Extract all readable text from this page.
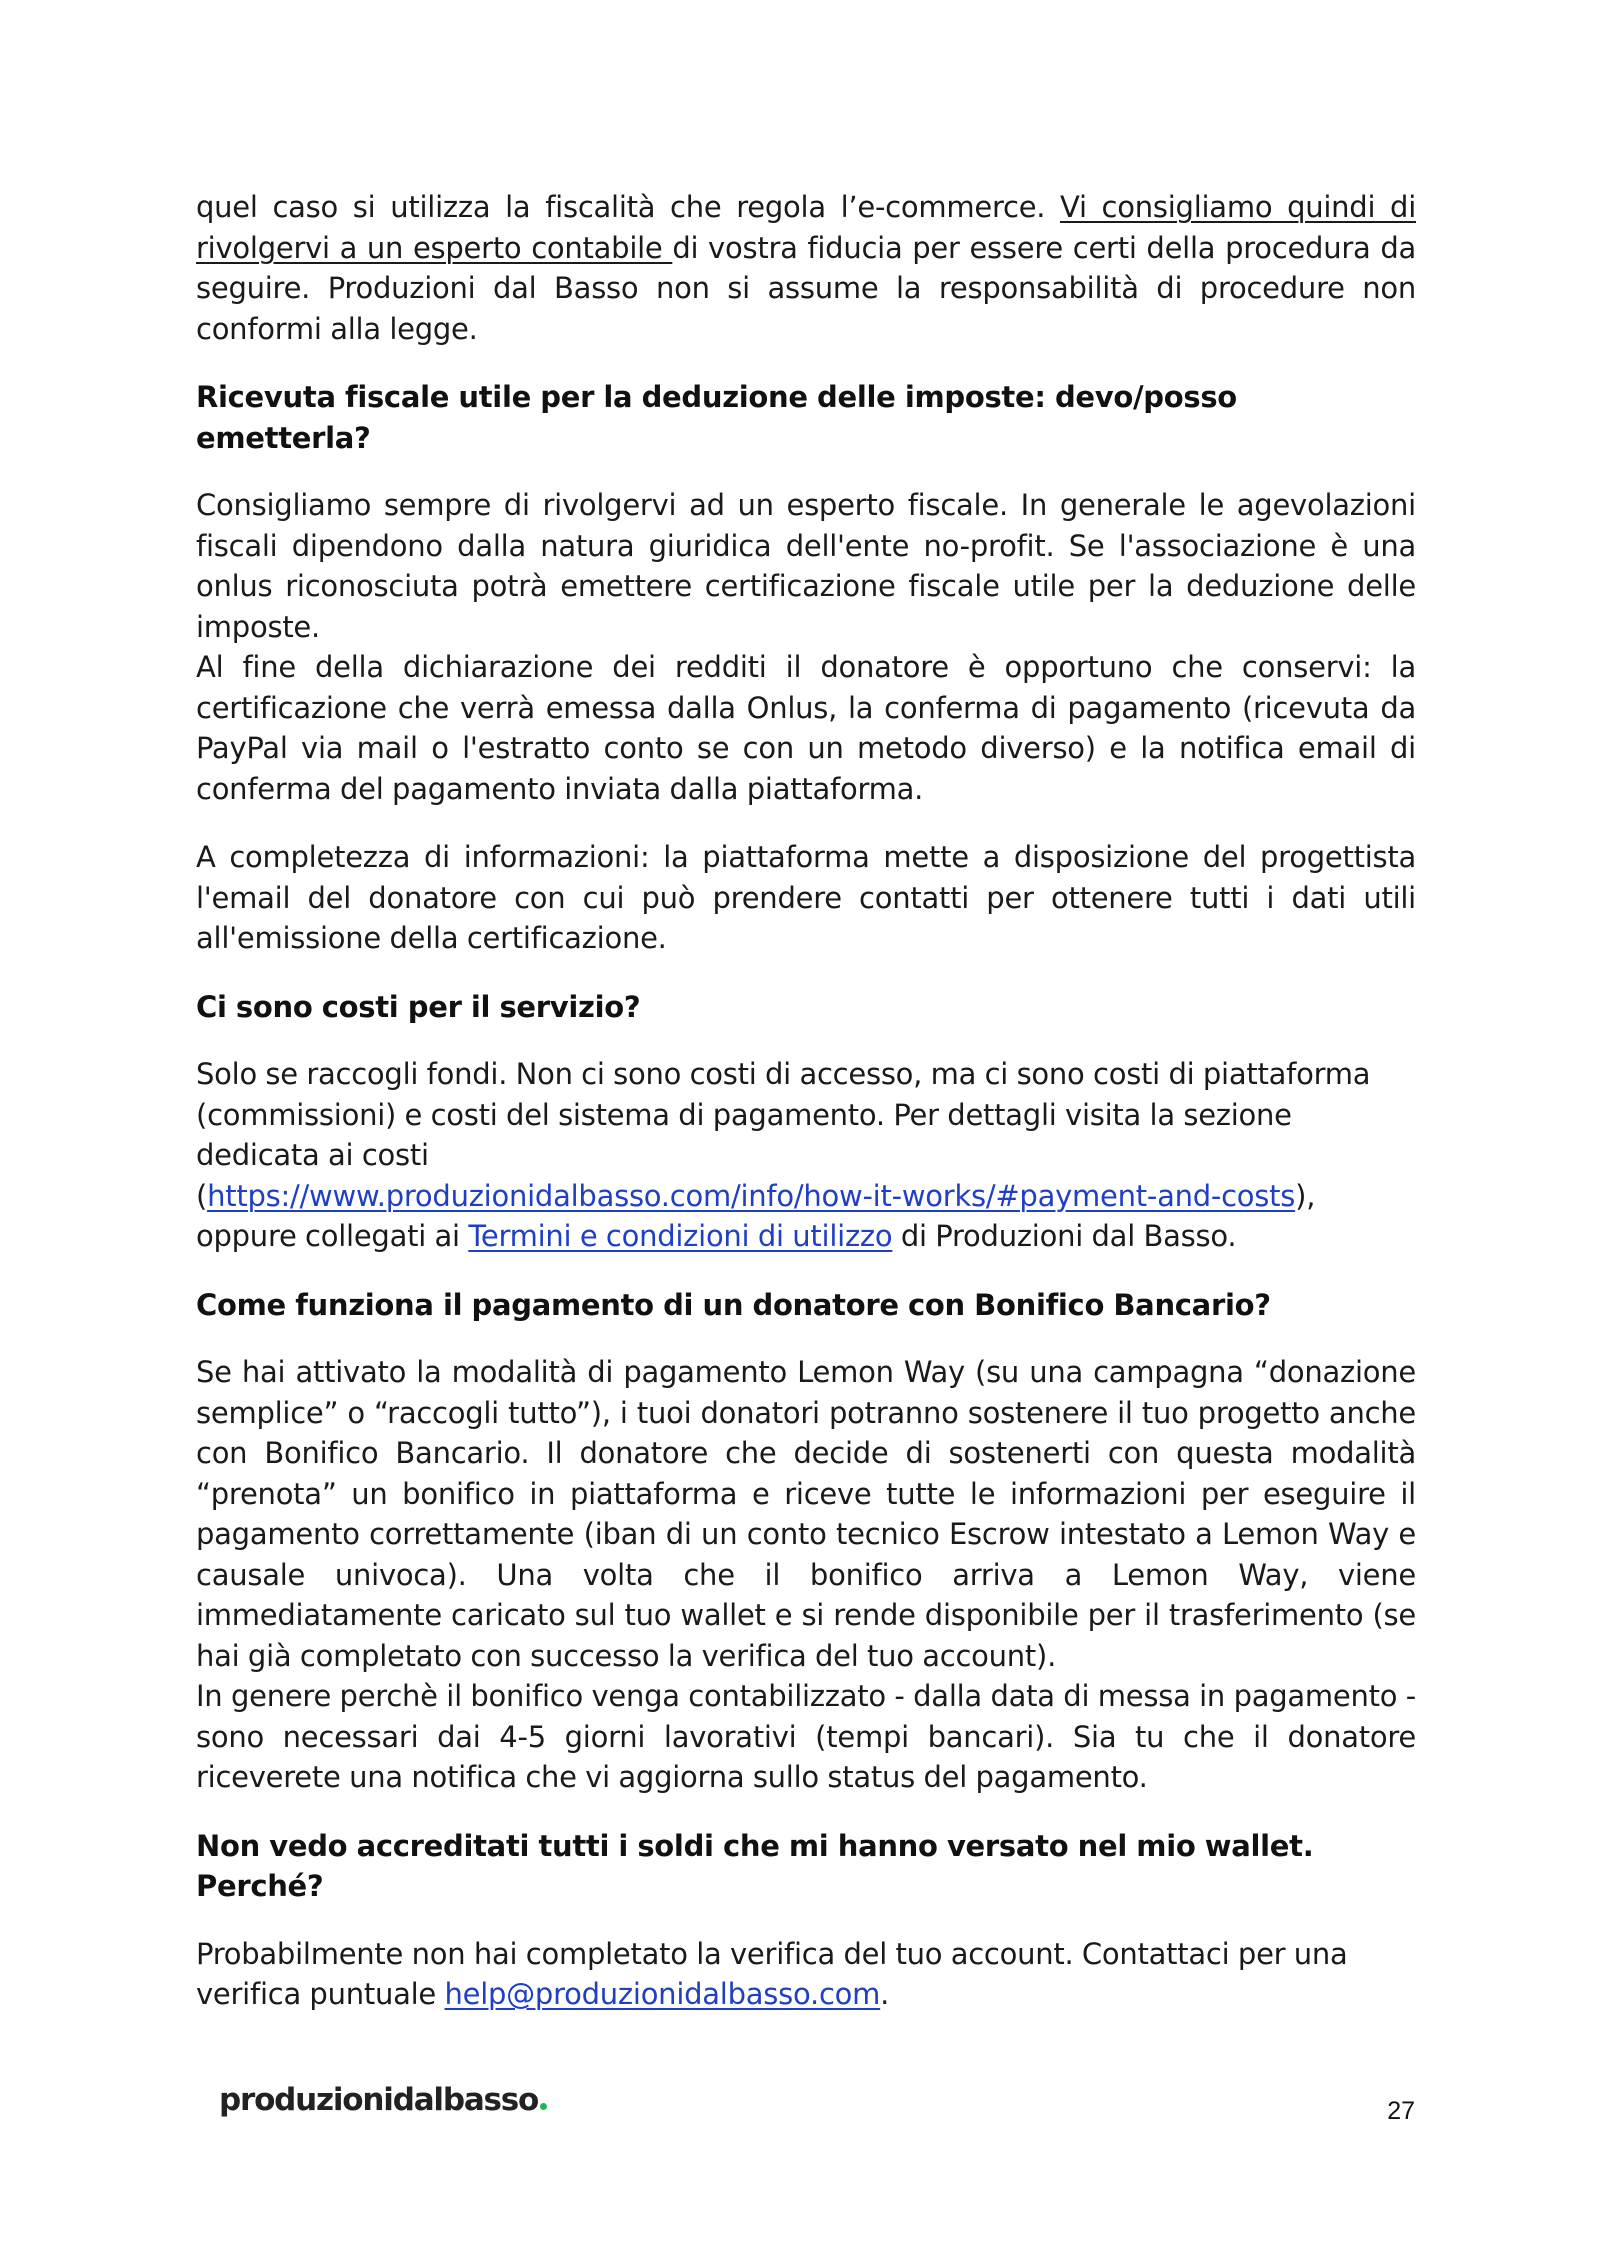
quel caso si utilizza la fiscalità che regola l’e-commerce. Vi consigliamo quindi di rivolgervi a un esperto contabile di vostra fiducia per essere certi della procedura da seguire. Produzioni dal Basso non si assume la responsabilità di procedure non conformi alla legge.

Ricevuta fiscale utile per la deduzione delle imposte: devo/posso emetterla?

Consigliamo sempre di rivolgervi ad un esperto fiscale. In generale le agevolazioni fiscali dipendono dalla natura giuridica dell'ente no-profit. Se l'associazione è una onlus riconosciuta potrà emettere certificazione fiscale utile per la deduzione delle imposte.

Al fine della dichiarazione dei redditi il donatore è opportuno che conservi: la certificazione che verrà emessa dalla Onlus, la conferma di pagamento (ricevuta da PayPal via mail o l'estratto conto se con un metodo diverso) e la notifica email di conferma del pagamento inviata dalla piattaforma.

A completezza di informazioni: la piattaforma mette a disposizione del progettista l'email del donatore con cui può prendere contatti per ottenere tutti i dati utili all'emissione della certificazione.

Ci sono costi per il servizio?

Solo se raccogli fondi. Non ci sono costi di accesso, ma ci sono costi di piattaforma
(commissioni) e costi del sistema di pagamento. Per dettagli visita la sezione
dedicata ai costi
(https://www.produzionidalbasso.com/info/how-it-works/#payment-and-costs),
oppure collegati ai Termini e condizioni di utilizzo di Produzioni dal Basso.

Come funziona il pagamento di un donatore con Bonifico Bancario?

Se hai attivato la modalità di pagamento Lemon Way (su una campagna “donazione semplice” o “raccogli tutto”), i tuoi donatori potranno sostenere il tuo progetto anche con Bonifico Bancario. Il donatore che decide di sostenerti con questa modalità “prenota” un bonifico in piattaforma e riceve tutte le informazioni per eseguire il pagamento correttamente (iban di un conto tecnico Escrow intestato a Lemon Way e causale univoca). Una volta che il bonifico arriva a Lemon Way, viene immediatamente caricato sul tuo wallet e si rende disponibile per il trasferimento (se hai già completato con successo la verifica del tuo account).

In genere perchè il bonifico venga contabilizzato - dalla data di messa in pagamento - sono necessari dai 4-5 giorni lavorativi (tempi bancari). Sia tu che il donatore riceverete una notifica che vi aggiorna sullo status del pagamento.

Non vedo accreditati tutti i soldi che mi hanno versato nel mio wallet. Perché?

Probabilmente non hai completato la verifica del tuo account. Contattaci per una verifica puntuale help@produzionidalbasso.com.

produzionidalbasso	27
